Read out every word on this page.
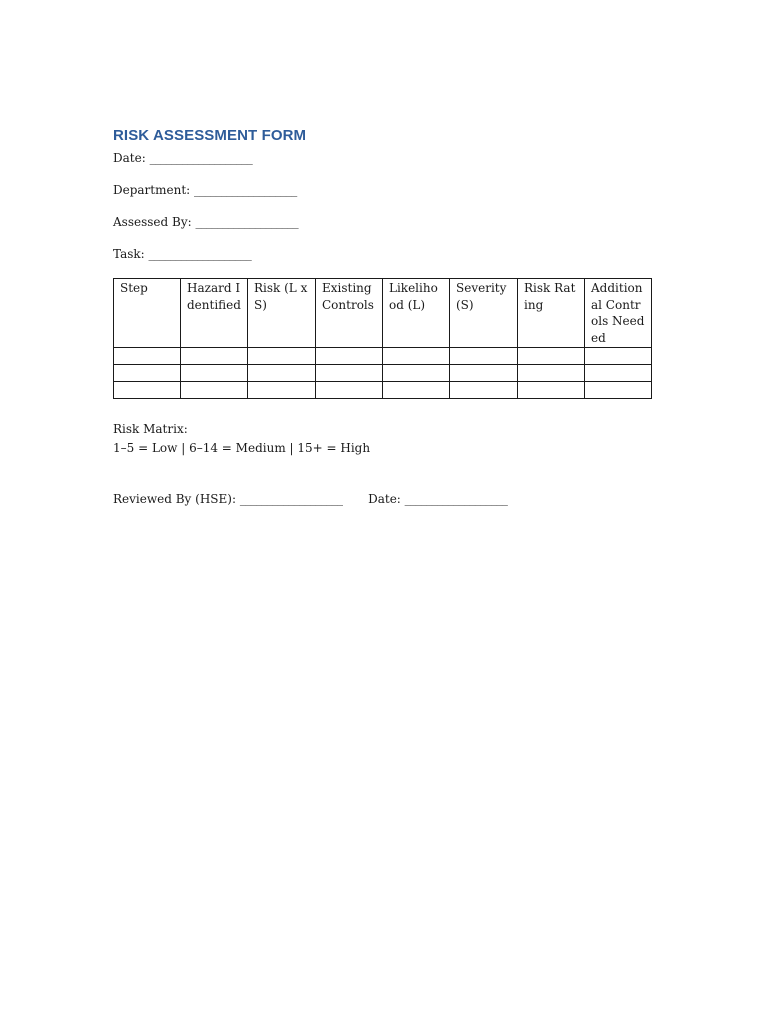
RISK ASSESSMENT FORM
Date: ___________________
Department: ___________________
Assessed By: ___________________
Task: ___________________
Step	Hazard Identified	Risk (L x S)	Existing Controls	Likelihood (L)	Severity (S)	Risk Rating	Additional Controls Needed

Risk Matrix:
1–5 = Low | 6–14 = Medium | 15+ = High
Reviewed By (HSE): ___________________ Date: ___________________
